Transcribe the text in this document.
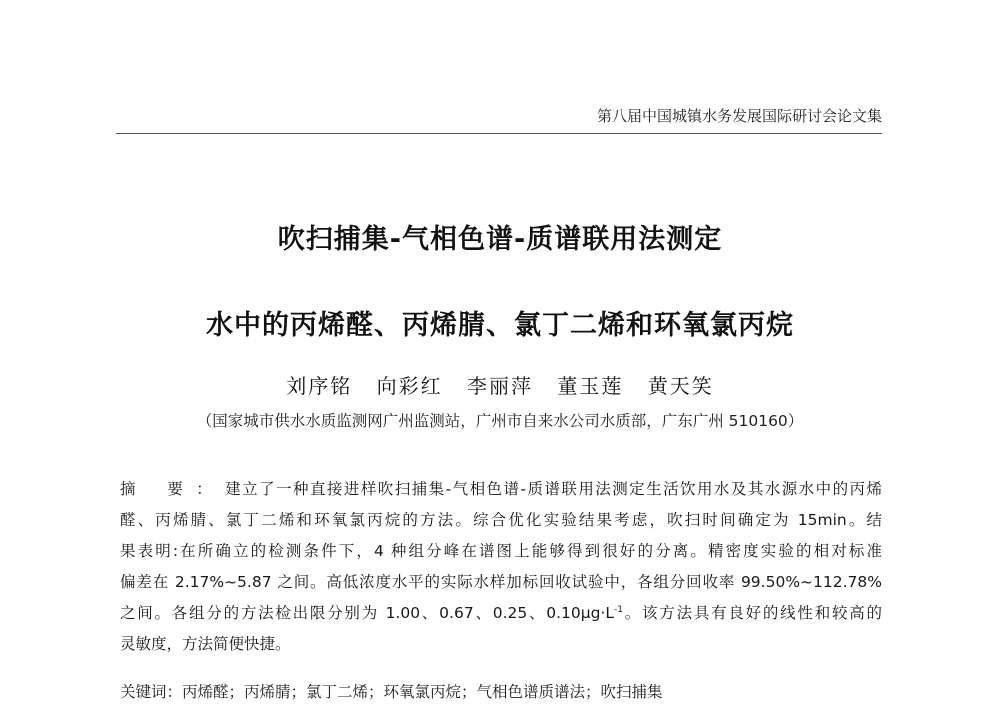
第八届中国城镇水务发展国际研讨会论文集
吹扫捕集-气相色谱-质谱联用法测定
水中的丙烯醛、丙烯腈、氯丁二烯和环氧氯丙烷
刘序铭 向彩红 李丽萍 董玉莲 黄天笑
（国家城市供水水质监测网广州监测站，广州市自来水公司水质部，广东广州 510160）
摘 要：建立了一种直接进样吹扫捕集-气相色谱-质谱联用法测定生活饮用水及其水源水中的丙烯
醛、丙烯腈、氯丁二烯和环氧氯丙烷的方法。综合优化实验结果考虑，吹扫时间确定为 15min。结
果表明:在所确立的检测条件下，4 种组分峰在谱图上能够得到很好的分离。精密度实验的相对标准
偏差在 2.17%~5.87 之间。高低浓度水平的实际水样加标回收试验中，各组分回收率 99.50%~112.78%
之间。各组分的方法检出限分别为 1.00、0.67、0.25、$0.10\mu g\cdot L^{-1}$。该方法具有良好的线性和较高的
灵敏度，方法简便快捷。
关键词：丙烯醛；丙烯腈；氯丁二烯；环氧氯丙烷；气相色谱质谱法；吹扫捕集
